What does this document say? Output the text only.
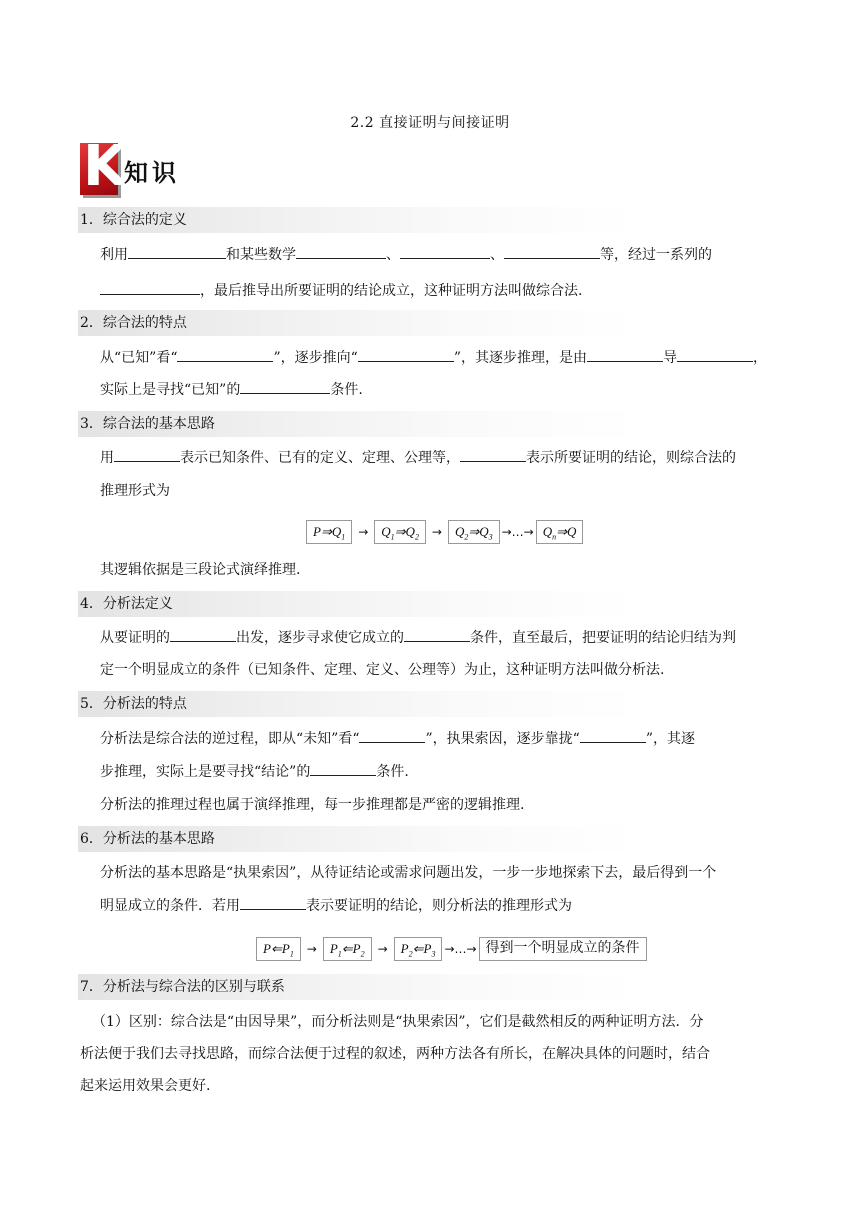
2.2 直接证明与间接证明
K
知识
1．综合法的定义
利用	和某些数学	、	、	等，经过一系列的
，最后推导出所要证明的结论成立，这种证明方法叫做综合法.
2．综合法的特点
从“已知”看“	”，逐步推向“	”，其逐步推理，是由	导	，
实际上是寻找“已知”的	条件.
3．综合法的基本思路
用	表示已知条件、已有的定义、定理、公理等，	表示所要证明的结论，则综合法的
推理形式为
$P\Rightarrow Q_1$	→ $Q_1\Rightarrow Q_2$	→ $Q_2\Rightarrow Q_3$ →…→ $Q_n\Rightarrow Q$
其逻辑依据是三段论式演绎推理.
4．分析法定义
从要证明的	出发，逐步寻求使它成立的	条件，直至最后，把要证明的结论归结为判
定一个明显成立的条件（已知条件、定理、定义、公理等）为止，这种证明方法叫做分析法.
5．分析法的特点
分析法是综合法的逆过程，即从“未知”看“	”，执果索因，逐步靠拢“	”，其逐
步推理，实际上是要寻找“结论”的	条件.
分析法的推理过程也属于演绎推理，每一步推理都是严密的逻辑推理.
6．分析法的基本思路
分析法的基本思路是“执果索因”，从待证结论或需求问题出发，一步一步地探索下去，最后得到一个
明显成立的条件．若用	表示要证明的结论，则分析法的推理形式为
$P⇐P_1$	→ $P_1⇐P_2$	→ $P_2⇐P_3$ →…→ 得到一个明显成立的条件
7．分析法与综合法的区别与联系
（1）区别：综合法是“由因导果”，而分析法则是“执果索因”，它们是截然相反的两种证明方法．分
析法便于我们去寻找思路，而综合法便于过程的叙述，两种方法各有所长，在解决具体的问题时，结合
起来运用效果会更好.
